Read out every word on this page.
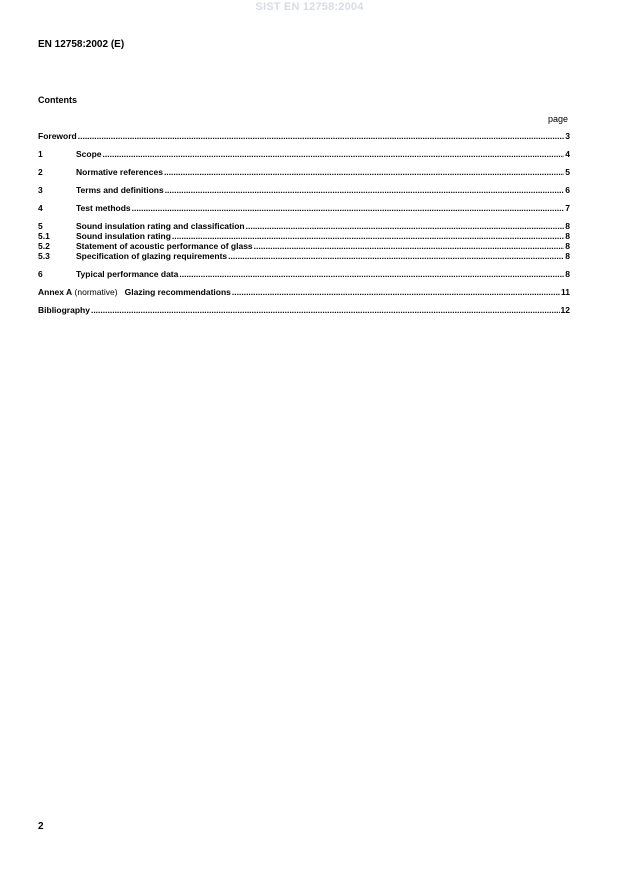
SIST EN 12758:2004
EN 12758:2002 (E)
Contents
page
Foreword .....	3
1	Scope .....	4
2	Normative references .....	5
3	Terms and definitions .....	6
4	Test methods .....	7
5	Sound insulation rating and classification .....	8
5.1	Sound insulation rating .....	8
5.2	Statement of acoustic performance of glass .....	8
5.3	Specification of glazing requirements .....	8
6	Typical performance data .....	8
Annex A (normative) Glazing recommendations .....	11
Bibliography .....	12
2
